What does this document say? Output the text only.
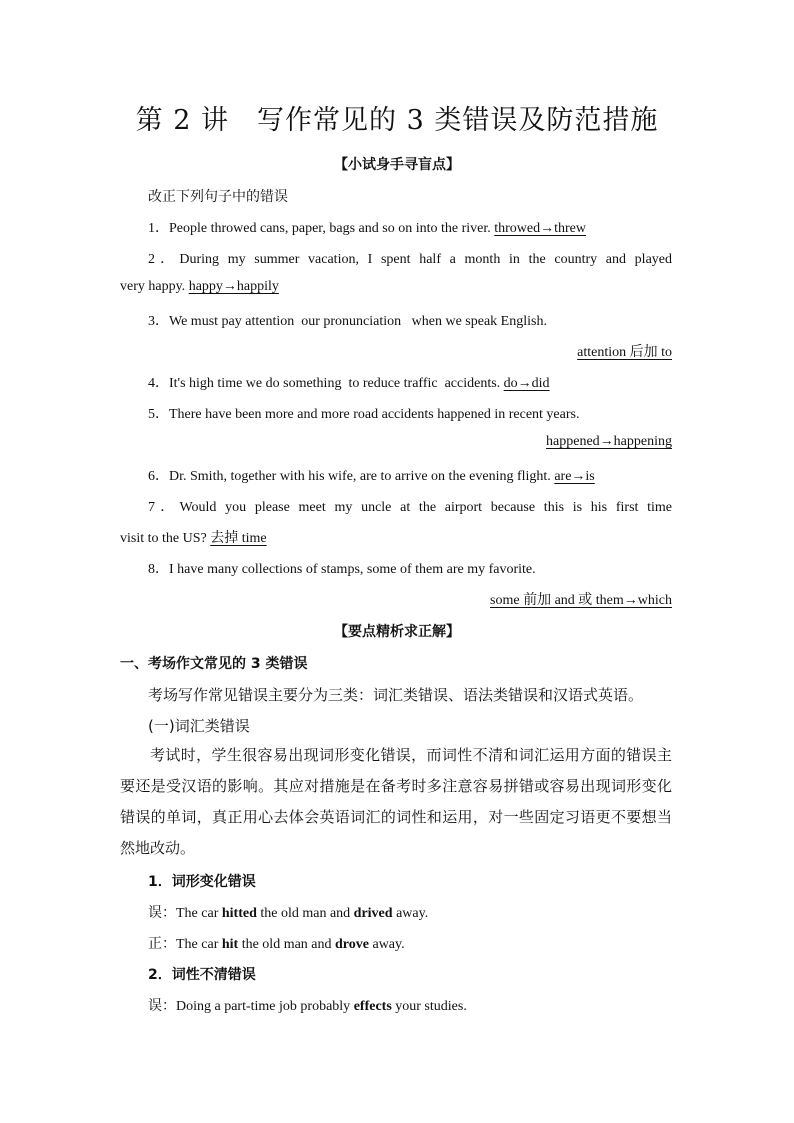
第 2 讲　写作常见的 3 类错误及防范措施
【小试身手寻盲点】
改正下列句子中的错误
1．People throwed cans, paper, bags and so on into the river. throwed→threw
2．During my summer vacation, I spent half a month in the country and played
very happy. happy→happily
3．We must pay attention  our pronunciation   when we speak English.
attention 后加 to
4．It's high time we do something  to reduce traffic  accidents. do→did
5．There have been more and more road accidents happened in recent years.
happened→happening
6．Dr. Smith, together with his wife, are to arrive on the evening flight. are→is
7．Would you please meet my uncle at the airport because this is his first time
visit to the US? 去掉 time
8．I have many collections of stamps, some of them are my favorite.
some 前加 and 或 them→which
【要点精析求正解】
一、考场作文常见的 3 类错误
考场写作常见错误主要分为三类：词汇类错误、语法类错误和汉语式英语。
(一)词汇类错误
考试时，学生很容易出现词形变化错误，而词性不清和词汇运用方面的错误主要还是受汉语的影响。其应对措施是在备考时多注意容易拼错或容易出现词形变化错误的单词，真正用心去体会英语词汇的词性和运用，对一些固定习语更不要想当然地改动。
1．词形变化错误
误：The car hitted the old man and drived away.
正：The car hit the old man and drove away.
2．词性不清错误
误：Doing a part-time job probably effects your studies.
